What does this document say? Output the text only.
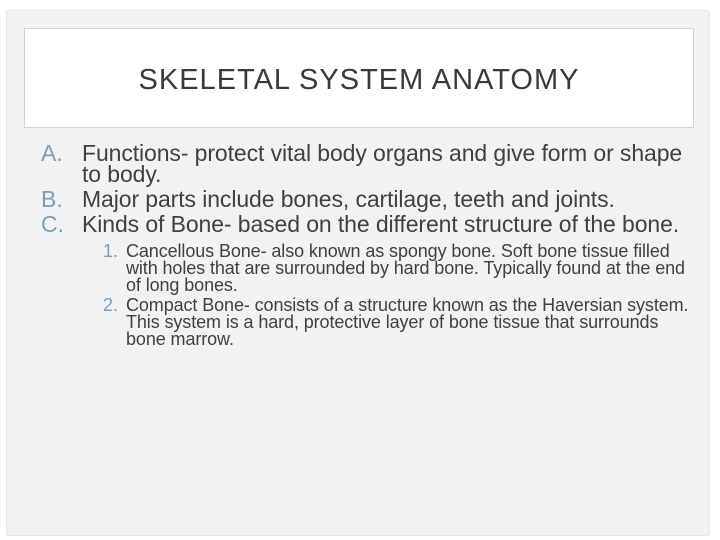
SKELETAL SYSTEM ANATOMY
A. Functions- protect vital body organs and give form or shape to body.
B. Major parts include bones, cartilage, teeth and joints.
C. Kinds of Bone- based on the different structure of the bone.
1. Cancellous Bone- also known as spongy bone. Soft bone tissue filled with holes that are surrounded by hard bone. Typically found at the end of long bones.
2. Compact Bone- consists of a structure known as the Haversian system. This system is a hard, protective layer of bone tissue that surrounds bone marrow.
